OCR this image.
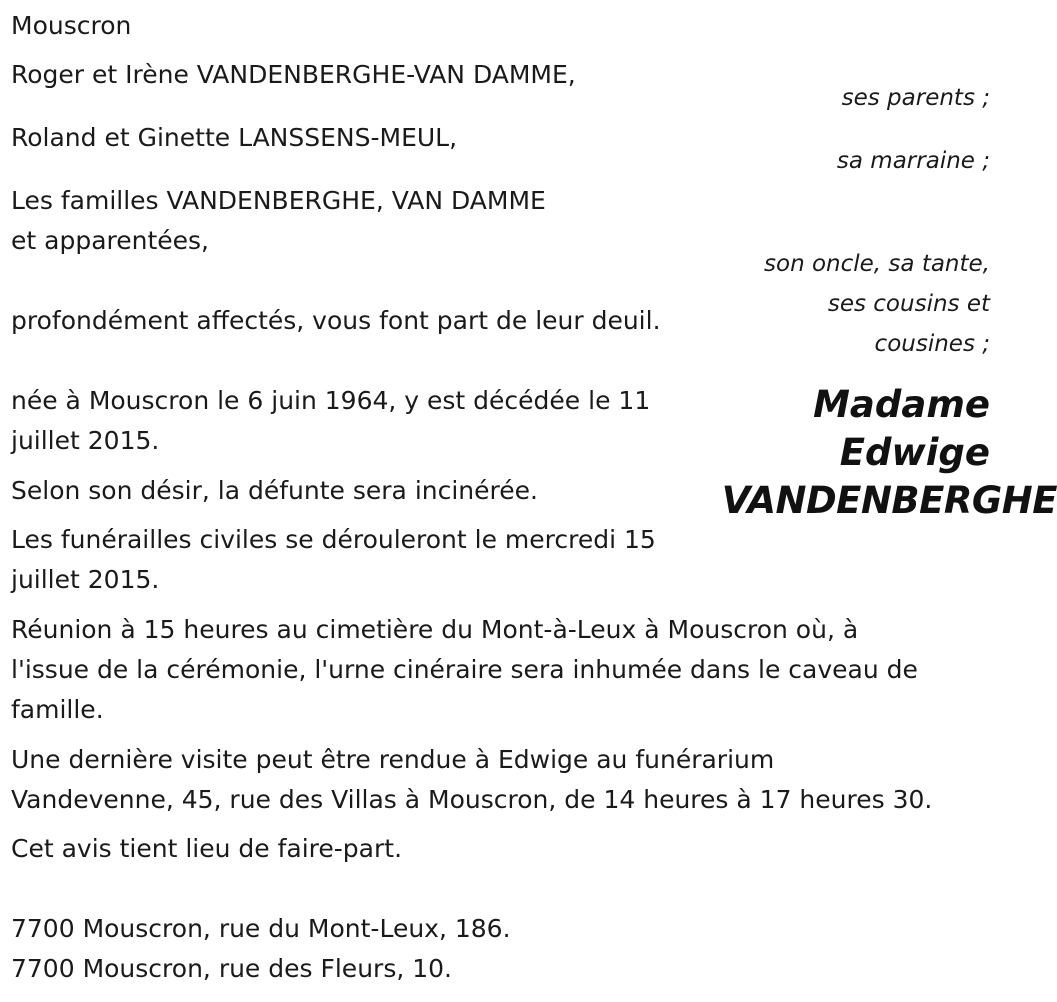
Mouscron

Roger et Irène VANDENBERGHE-VAN DAMME,

ses parents ;

Roland et Ginette LANSSENS-MEUL,

sa marraine ;

Les familles VANDENBERGHE, VAN DAMME

et apparentées,

son oncle, sa tante,
ses cousins et
cousines ;

profondément affectés, vous font part de leur deuil.

Madame
Edwige
VANDENBERGHE

née à Mouscron le 6 juin 1964, y est décédée le 11

juillet 2015.

Selon son désir, la défunte sera incinérée.

Les funérailles civiles se dérouleront le mercredi 15

juillet 2015.

Réunion à 15 heures au cimetière du Mont-à-Leux à Mouscron où, à

l'issue de la cérémonie, l'urne cinéraire sera inhumée dans le caveau de

famille.

Une dernière visite peut être rendue à Edwige au funérarium

Vandevenne, 45, rue des Villas à Mouscron, de 14 heures à 17 heures 30.

Cet avis tient lieu de faire-part.

7700 Mouscron, rue du Mont-Leux, 186.

7700 Mouscron, rue des Fleurs, 10.
